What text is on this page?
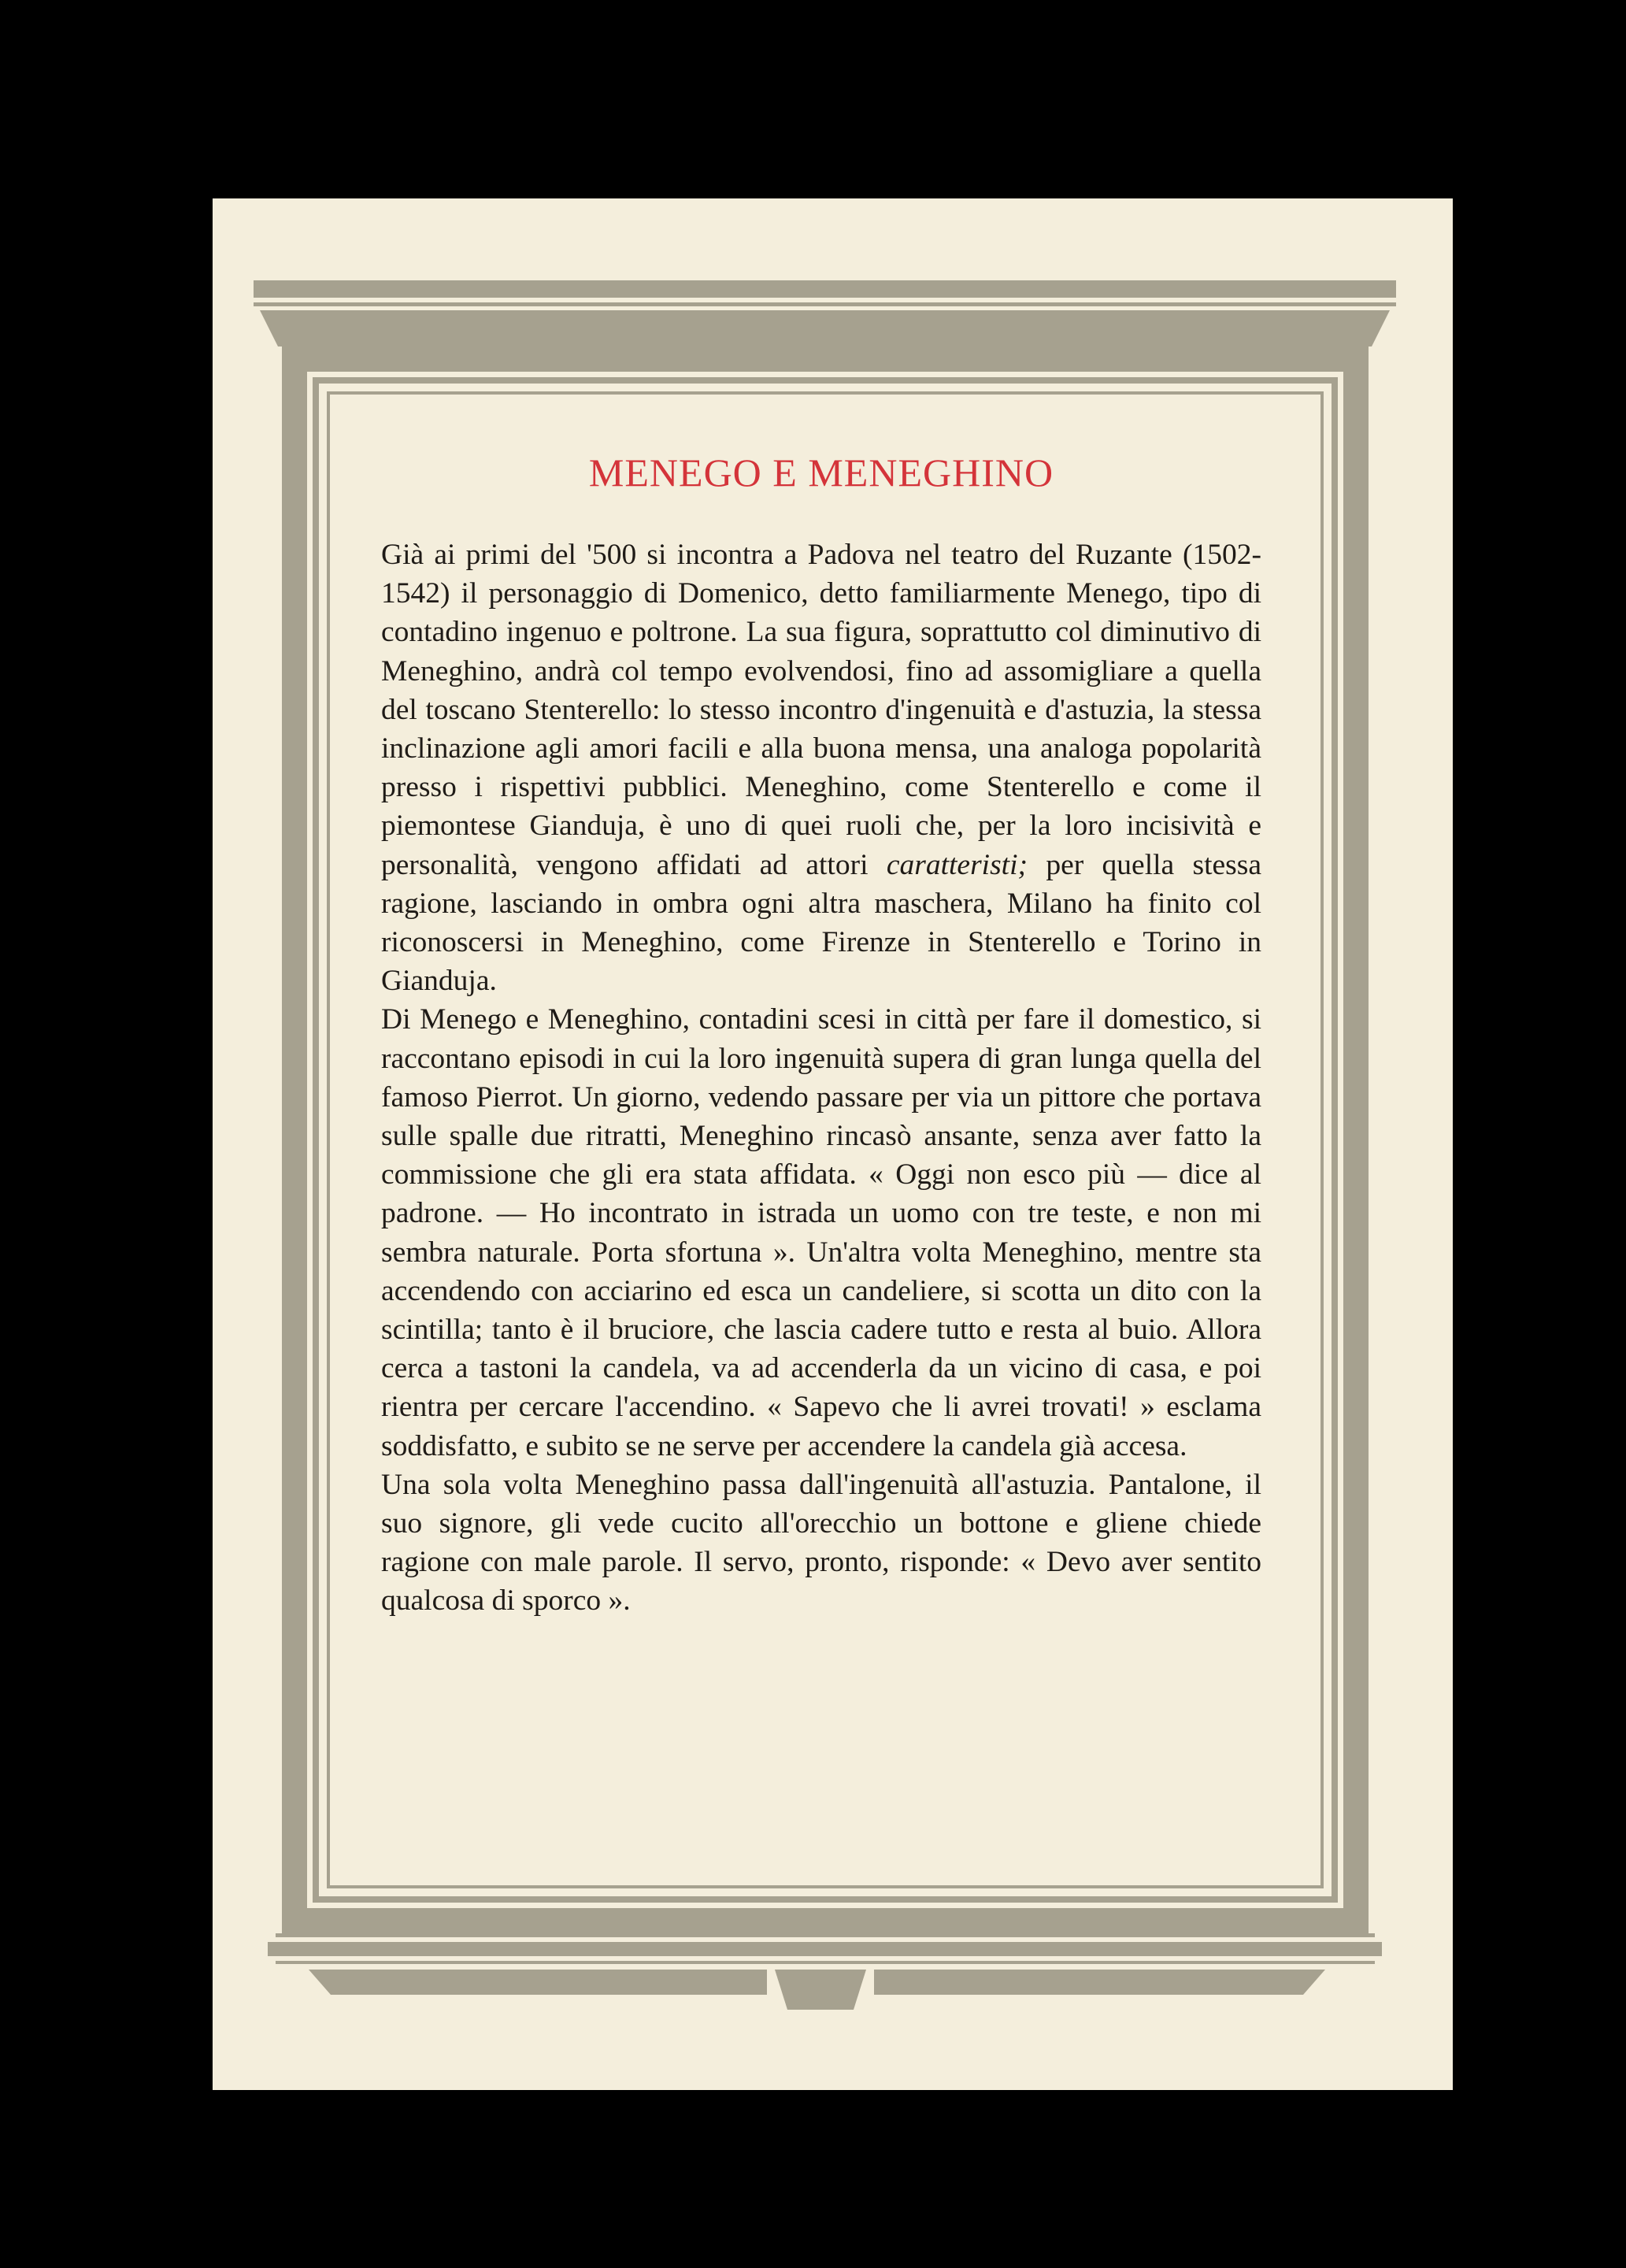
MENEGO E MENEGHINO

Già ai primi del '500 si incontra a Padova nel teatro del Ruzante (1502-1542) il personaggio di Domenico, detto familiarmente Menego, tipo di contadino ingenuo e poltrone. La sua figura, soprattutto col diminutivo di Meneghino, andrà col tempo evolvendosi, fino ad assomigliare a quella del toscano Stenterello: lo stesso incontro d'ingenuità e d'astuzia, la stessa inclinazione agli amori facili e alla buona mensa, una analoga popolarità presso i rispettivi pubblici. Meneghino, come Stenterello e come il piemontese Gianduja, è uno di quei ruoli che, per la loro incisività e personalità, vengono affidati ad attori caratteristi; per quella stessa ragione, lasciando in ombra ogni altra maschera, Milano ha finito col riconoscersi in Meneghino, come Firenze in Stenterello e Torino in Gianduja.

Di Menego e Meneghino, contadini scesi in città per fare il domestico, si raccontano episodi in cui la loro ingenuità supera di gran lunga quella del famoso Pierrot. Un giorno, vedendo passare per via un pittore che portava sulle spalle due ritratti, Meneghino rincasò ansante, senza aver fatto la commissione che gli era stata affidata. « Oggi non esco più — dice al padrone. — Ho incontrato in istrada un uomo con tre teste, e non mi sembra naturale. Porta sfortuna ». Un'altra volta Meneghino, mentre sta accendendo con acciarino ed esca un candeliere, si scotta un dito con la scintilla; tanto è il bruciore, che lascia cadere tutto e resta al buio. Allora cerca a tastoni la candela, va ad accenderla da un vicino di casa, e poi rientra per cercare l'accendino. « Sapevo che li avrei trovati! » esclama soddisfatto, e subito se ne serve per accendere la candela già accesa.

Una sola volta Meneghino passa dall'ingenuità all'astuzia. Pantalone, il suo signore, gli vede cucito all'orecchio un bottone e gliene chiede ragione con male parole. Il servo, pronto, risponde: « Devo aver sentito qualcosa di sporco ».
